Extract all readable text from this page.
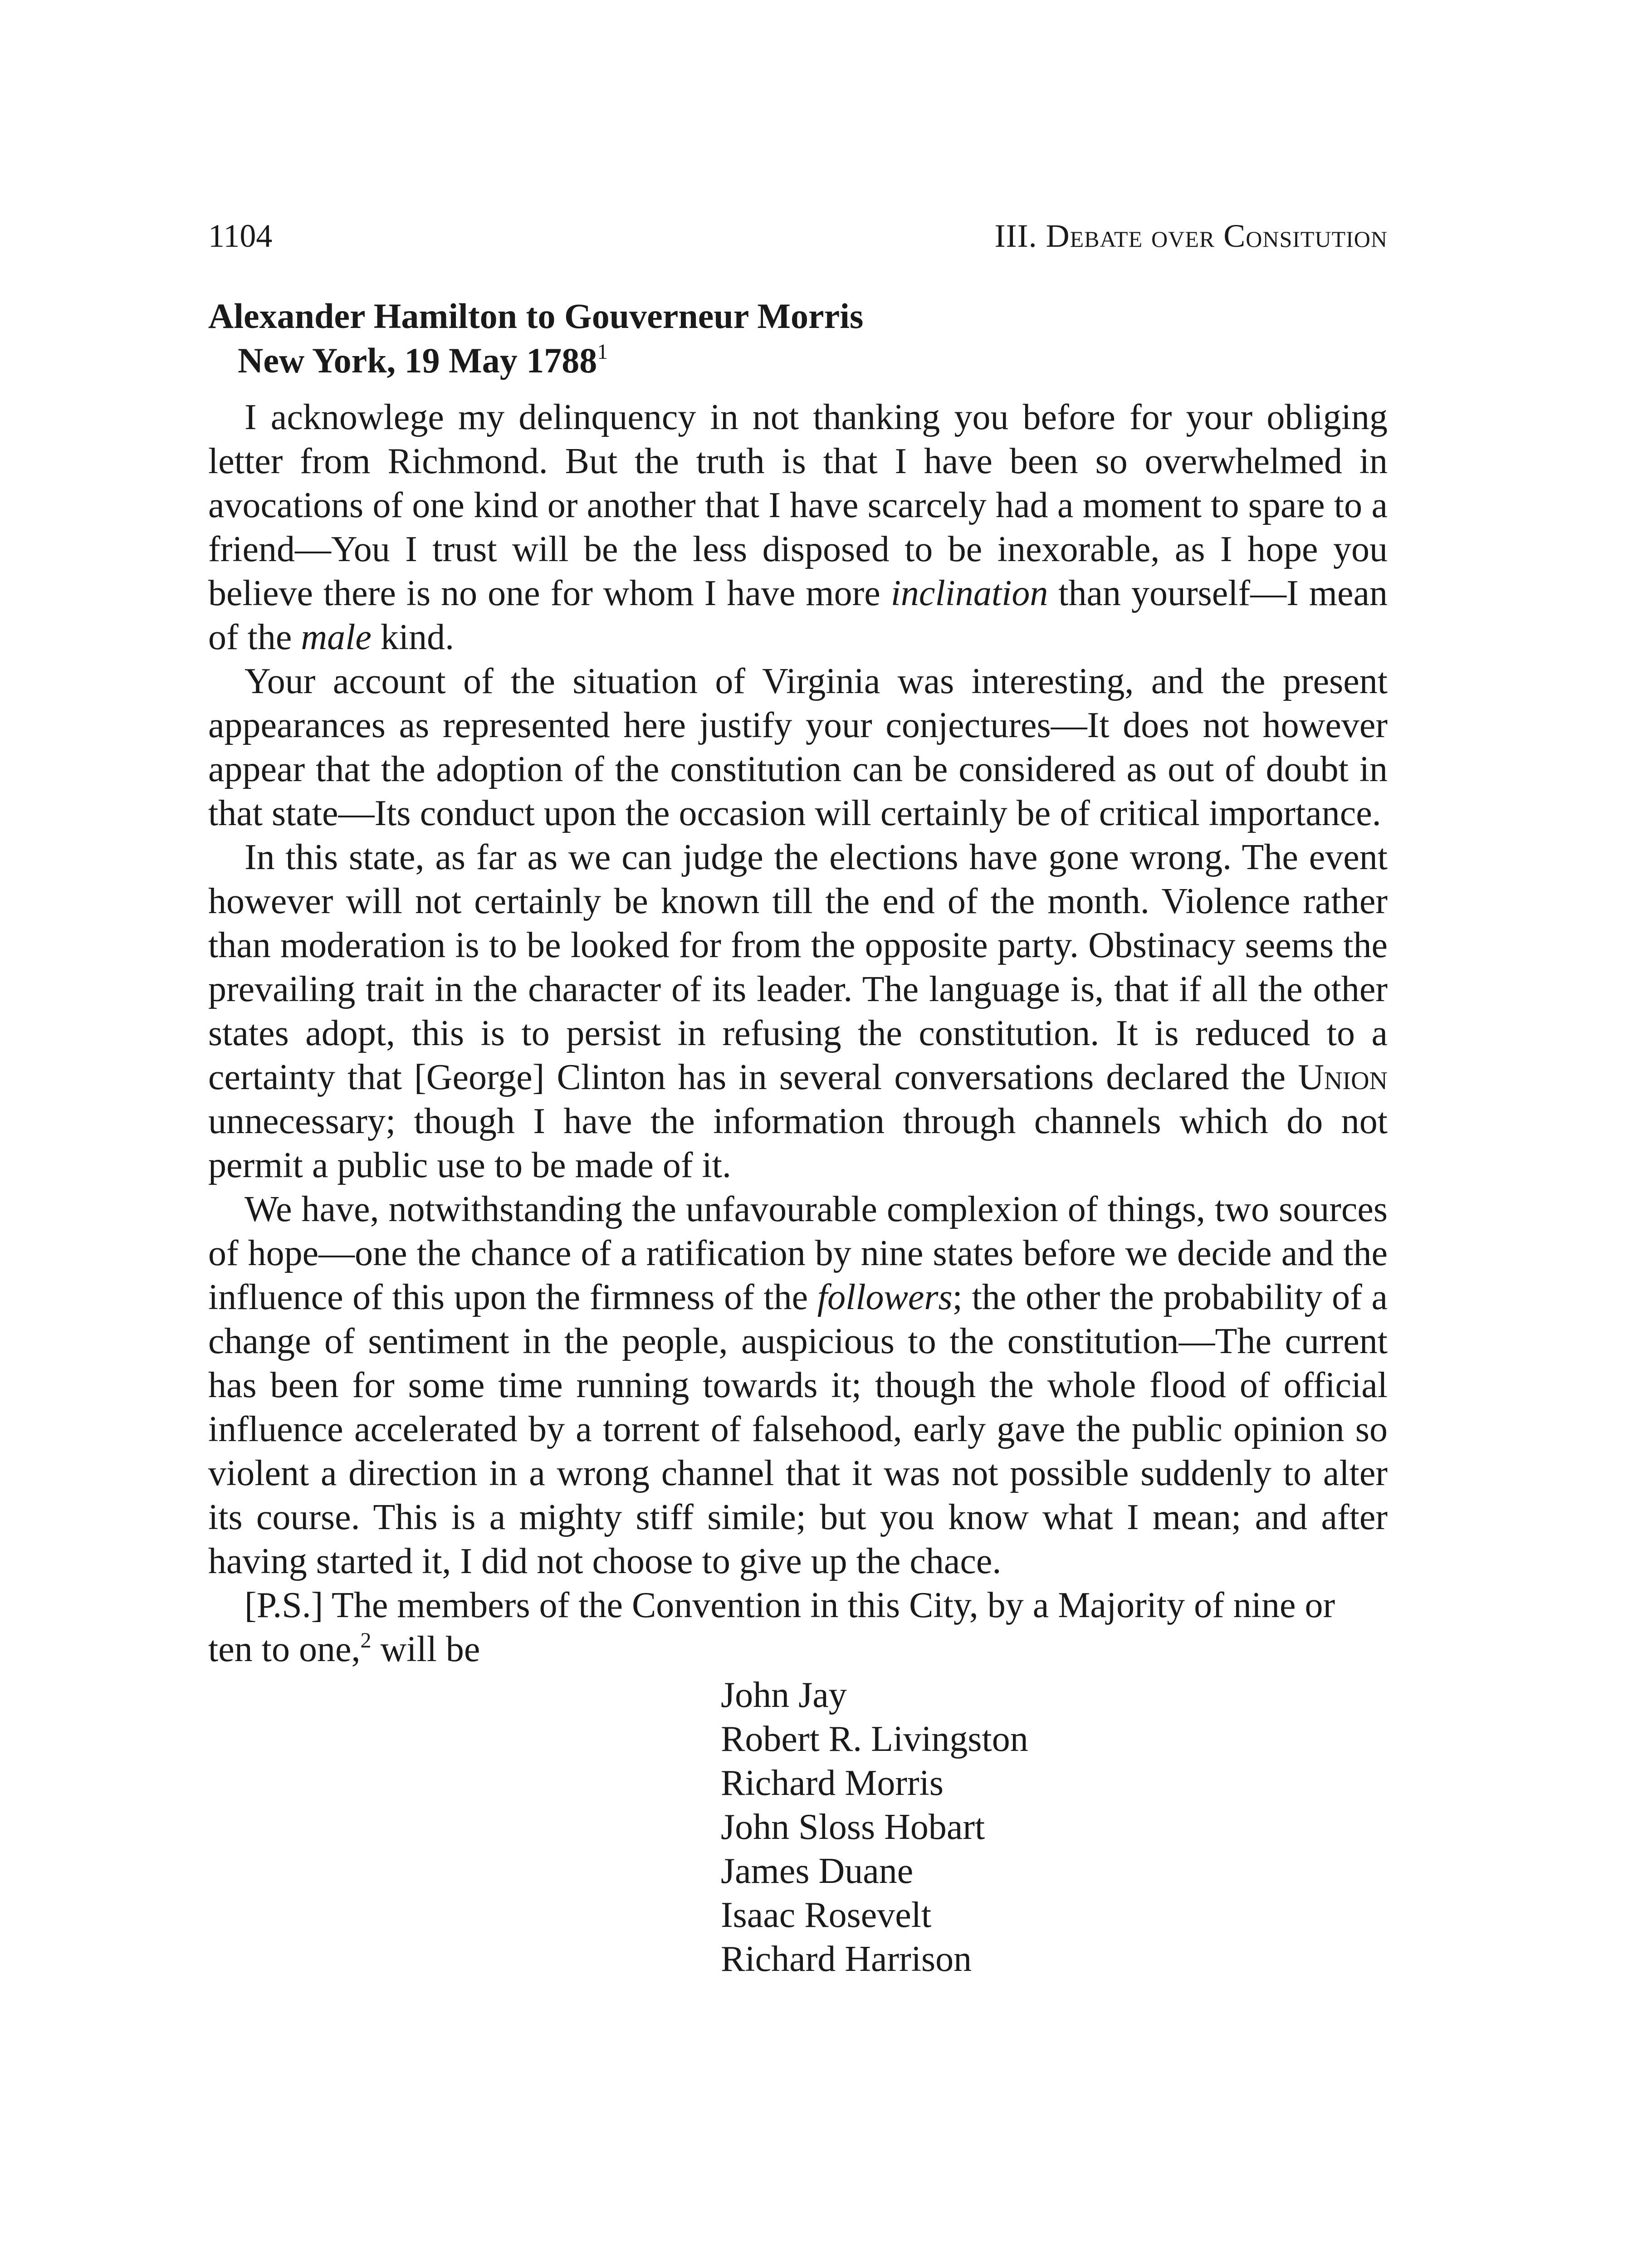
1104	III. Debate over Consitution
Alexander Hamilton to Gouverneur Morris
New York, 19 May 1788$^1$

I acknowlege my delinquency in not thanking you before for your obliging letter from Richmond. But the truth is that I have been so overwhelmed in avocations of one kind or another that I have scarcely had a moment to spare to a friend—You I trust will be the less disposed to be inexorable, as I hope you believe there is no one for whom I have more inclination than yourself—I mean of the male kind.

Your account of the situation of Virginia was interesting, and the present appearances as represented here justify your conjectures—It does not however appear that the adoption of the constitution can be considered as out of doubt in that state—Its conduct upon the occasion will certainly be of critical importance.

In this state, as far as we can judge the elections have gone wrong. The event however will not certainly be known till the end of the month. Violence rather than moderation is to be looked for from the opposite party. Obstinacy seems the prevailing trait in the character of its leader. The language is, that if all the other states adopt, this is to persist in refusing the constitution. It is reduced to a certainty that [George] Clinton has in several conversations declared the Union unnecessary; though I have the information through channels which do not permit a public use to be made of it.

We have, notwithstanding the unfavourable complexion of things, two sources of hope—one the chance of a ratification by nine states before we decide and the influence of this upon the firmness of the followers; the other the probability of a change of sentiment in the people, auspicious to the constitution—The current has been for some time running towards it; though the whole flood of official influence accelerated by a torrent of falsehood, early gave the public opinion so violent a direction in a wrong channel that it was not possible suddenly to alter its course. This is a mighty stiff simile; but you know what I mean; and after having started it, I did not choose to give up the chace.

[P.S.] The members of the Convention in this City, by a Majority of nine or ten to one,$^2$ will be

John Jay
Robert R. Livingston
Richard Morris
John Sloss Hobart
James Duane
Isaac Rosevelt
Richard Harrison
